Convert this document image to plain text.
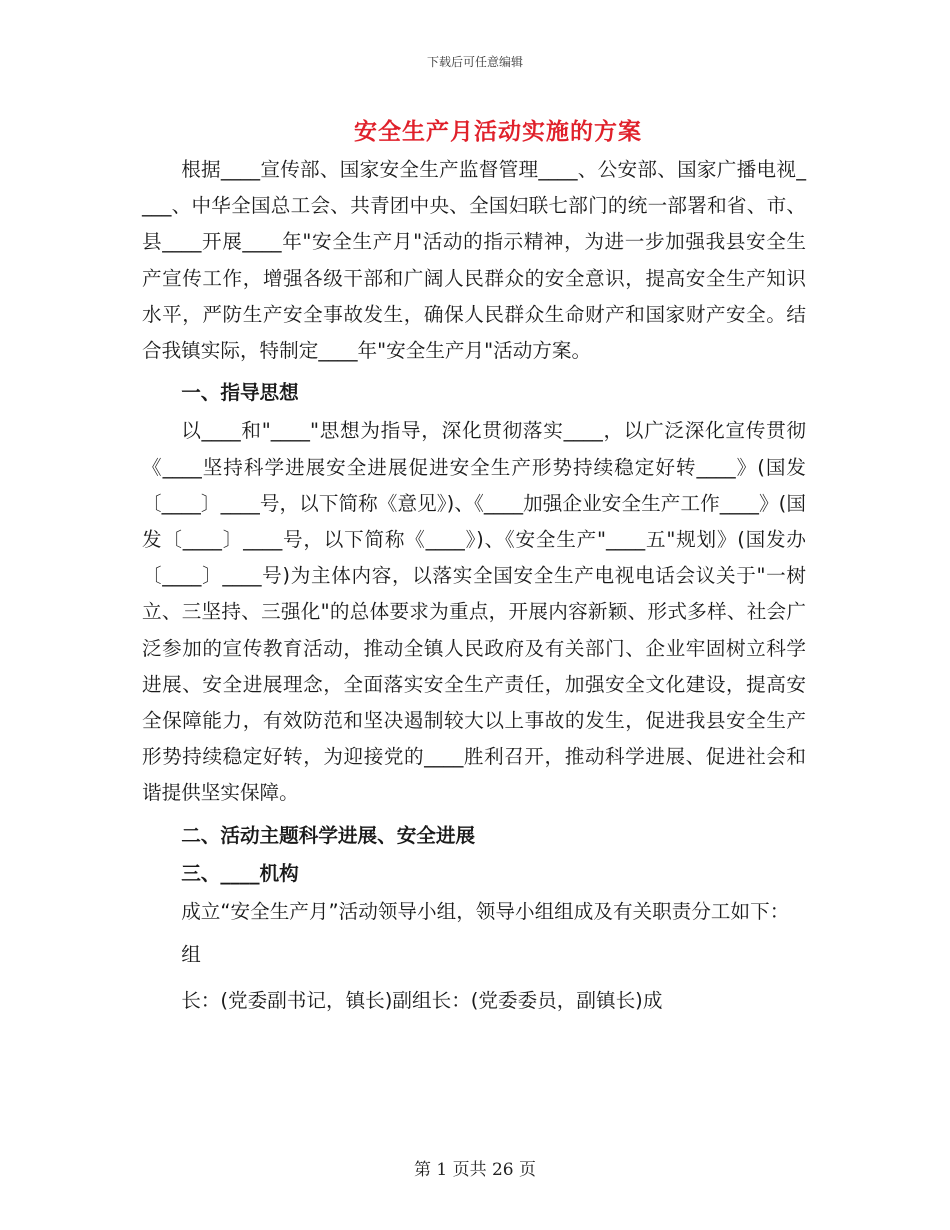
下载后可任意编辑
安全生产月活动实施的方案

根据____宣传部、国家安全生产监督管理____、公安部、国家广播电视____、中华全国总工会、共青团中央、全国妇联七部门的统一部署和省、市、县____开展____年"安全生产月"活动的指示精神，为进一步加强我县安全生产宣传工作，增强各级干部和广阔人民群众的安全意识，提高安全生产知识水平，严防生产安全事故发生，确保人民群众生命财产和国家财产安全。结合我镇实际，特制定____年"安全生产月"活动方案。

一、指导思想

以____和"____"思想为指导，深化贯彻落实____，以广泛深化宣传贯彻《____坚持科学进展安全进展促进安全生产形势持续稳定好转____》(国发〔____〕____号，以下简称《意见》)、《____加强企业安全生产工作____》(国发〔____〕____号，以下简称《____》)、《安全生产"____五"规划》(国发办〔____〕____号)为主体内容，以落实全国安全生产电视电话会议关于"一树立、三坚持、三强化"的总体要求为重点，开展内容新颖、形式多样、社会广泛参加的宣传教育活动，推动全镇人民政府及有关部门、企业牢固树立科学进展、安全进展理念，全面落实安全生产责任，加强安全文化建设，提高安全保障能力，有效防范和坚决遏制较大以上事故的发生，促进我县安全生产形势持续稳定好转，为迎接党的____胜利召开，推动科学进展、促进社会和谐提供坚实保障。

二、活动主题科学进展、安全进展

三、____机构

成立“安全生产月”活动领导小组，领导小组组成及有关职责分工如下：

组

长：(党委副书记，镇长)副组长：(党委委员，副镇长)成

第 1 页共 26 页
